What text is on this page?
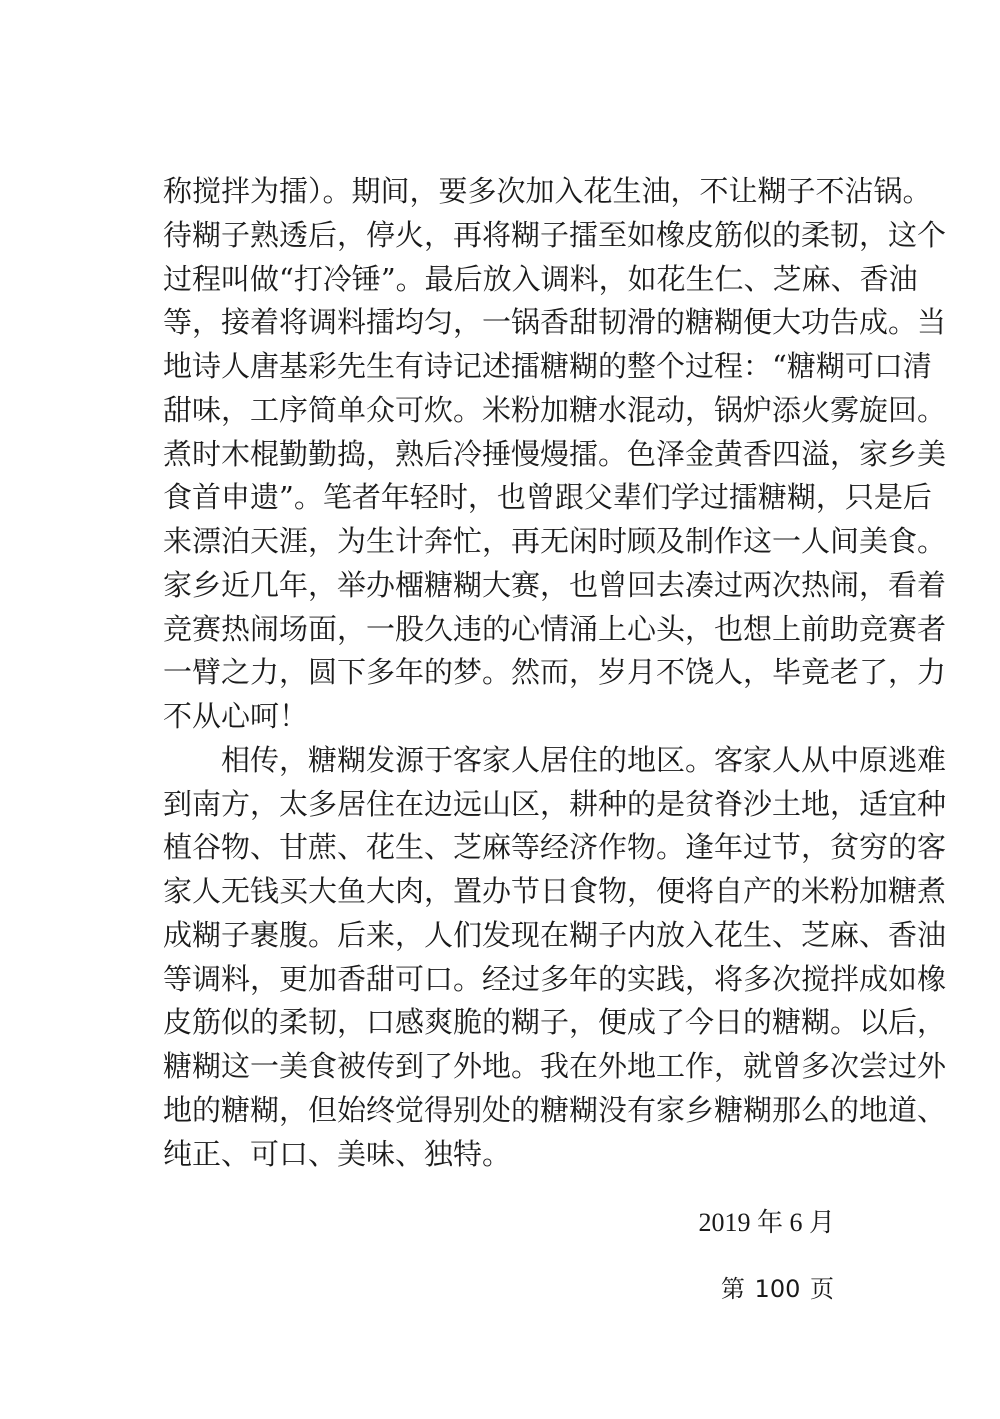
称搅拌为擂）。期间，要多次加入花生油，不让糊子不沾锅。
待糊子熟透后，停火，再将糊子擂至如橡皮筋似的柔韧，这个
过程叫做“打冷锤”。最后放入调料，如花生仁、芝麻、香油
等，接着将调料擂均匀，一锅香甜韧滑的糖糊便大功告成。当
地诗人唐基彩先生有诗记述擂糖糊的整个过程：“糖糊可口清
甜味，工序简单众可炊。米粉加糖水混动，锅炉添火雾旋回。
煮时木棍勤勤捣，熟后冷捶慢熳擂。色泽金黄香四溢，家乡美
食首申遗”。笔者年轻时，也曾跟父辈们学过擂糖糊，只是后
来漂泊天涯，为生计奔忙，再无闲时顾及制作这一人间美食。
家乡近几年，举办橊糖糊大赛，也曾回去凑过两次热闹，看着
竞赛热闹场面，一股久违的心情涌上心头，也想上前助竞赛者
一臂之力，圆下多年的梦。然而，岁月不饶人，毕竟老了，力
不从心呵！
　　相传，糖糊发源于客家人居住的地区。客家人从中原逃难
到南方，太多居住在边远山区，耕种的是贫脊沙土地，适宜种
植谷物、甘蔗、花生、芝麻等经济作物。逢年过节，贫穷的客
家人无钱买大鱼大肉，置办节日食物，便将自产的米粉加糖煮
成糊子裹腹。后来，人们发现在糊子内放入花生、芝麻、香油
等调料，更加香甜可口。经过多年的实践，将多次搅拌成如橡
皮筋似的柔韧，口感爽脆的糊子，便成了今日的糖糊。以后，
糖糊这一美食被传到了外地。我在外地工作，就曾多次尝过外
地的糖糊，但始终觉得别处的糖糊没有家乡糖糊那么的地道、
纯正、可口、美味、独特。
2019 年 6 月
第 100 页
